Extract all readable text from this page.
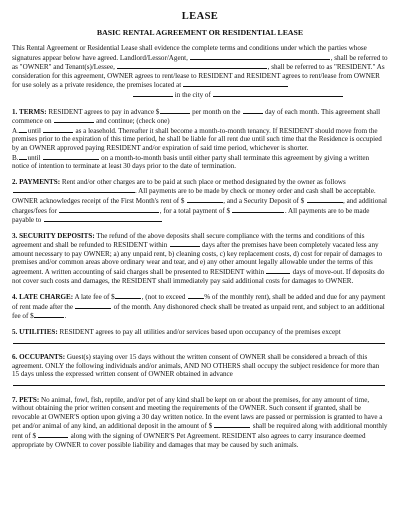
LEASE
BASIC RENTAL AGREEMENT OR RESIDENTIAL LEASE

This Rental Agreement or Residential Lease shall evidence the complete terms and conditions under which the parties whose signatures appear below have agreed. Landlord/Lessor/Agent,	, shall be referred to as "OWNER" and Tenant(s)/Lessee,	, shall be referred to as "RESIDENT." As consideration for this agreement, OWNER agrees to rent/lease to RESIDENT and RESIDENT agrees to rent/lease from OWNER for use solely as a private residence, the premises located at
in the city of

1. TERMS: RESIDENT agrees to pay in advance $	per month on the	day of each month. This agreement shall commence on	and continue; (check one)
A. until	as a leasehold. Thereafter it shall become a month-to-month tenancy. If RESIDENT should move from the premises prior to the expiration of this time period, he shall be liable for all rent due until such time that the Residence is occupied by an OWNER approved paying RESIDENT and/or expiration of said time period, whichever is shorter.
B. until	on a month-to-month basis until either party shall terminate this agreement by giving a written notice of intention to terminate at least 30 days prior to the date of termination.

2. PAYMENTS: Rent and/or other charges are to be paid at such place or method designated by the owner as follows
. All payments are to be made by check or money order and cash shall be acceptable. OWNER acknowledges receipt of the First Month's rent of $	, and a Security Deposit of $	, and additional charges/fees for	, for a total payment of $	. All payments are to be made payable to

3. SECURITY DEPOSITS: The refund of the above deposits shall secure compliance with the terms and conditions of this agreement and shall be refunded to RESIDENT within	days after the premises have been completely vacated less any amount necessary to pay OWNER; a) any unpaid rent, b) cleaning costs, c) key replacement costs, d) cost for repair of damages to premises and/or common areas above ordinary wear and tear, and e) any other amount legally allowable under the terms of this agreement. A written accounting of said charges shall be presented to RESIDENT within	days of move-out. If deposits do not cover such costs and damages, the RESIDENT shall immediately pay said additional costs for damages to OWNER.

4. LATE CHARGE: A late fee of $	, (not to exceed	% of the monthly rent), shall be added and due for any payment of rent made after the	of the month. Any dishonored check shall be treated as unpaid rent, and subject to an additional fee of $	.

5. UTILITIES: RESIDENT agrees to pay all utilities and/or services based upon occupancy of the premises except

6. OCCUPANTS: Guest(s) staying over 15 days without the written consent of OWNER shall be considered a breach of this agreement. ONLY the following individuals and/or animals, AND NO OTHERS shall occupy the subject residence for more than 15 days unless the expressed written consent of OWNER obtained in advance

7. PETS: No animal, fowl, fish, reptile, and/or pet of any kind shall be kept on or about the premises, for any amount of time, without obtaining the prior written consent and meeting the requirements of the OWNER. Such consent if granted, shall be revocable at OWNER'S option upon giving a 30 day written notice. In the event laws are passed or permission is granted to have a pet and/or animal of any kind, an additional deposit in the amount of $	shall be required along with additional monthly rent of $	along with the signing of OWNER'S Pet Agreement. RESIDENT also agrees to carry insurance deemed appropriate by OWNER to cover possible liability and damages that may be caused by such animals.
